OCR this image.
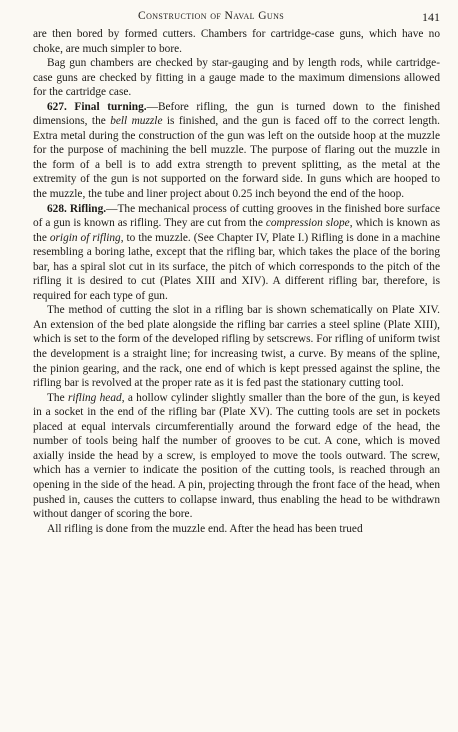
Construction of Naval Guns	141

are then bored by formed cutters. Chambers for cartridge-case guns, which have no choke, are much simpler to bore.

Bag gun chambers are checked by star-gauging and by length rods, while cartridge-case guns are checked by fitting in a gauge made to the maximum dimensions allowed for the cartridge case.

627. Final turning.—Before rifling, the gun is turned down to the finished dimensions, the bell muzzle is finished, and the gun is faced off to the correct length. Extra metal during the construction of the gun was left on the outside hoop at the muzzle for the purpose of machining the bell muzzle. The purpose of flaring out the muzzle in the form of a bell is to add extra strength to prevent splitting, as the metal at the extremity of the gun is not supported on the forward side. In guns which are hooped to the muzzle, the tube and liner project about 0.25 inch beyond the end of the hoop.

628. Rifling.—The mechanical process of cutting grooves in the finished bore surface of a gun is known as rifling. They are cut from the compression slope, which is known as the origin of rifling, to the muzzle. (See Chapter IV, Plate I.) Rifling is done in a machine resembling a boring lathe, except that the rifling bar, which takes the place of the boring bar, has a spiral slot cut in its surface, the pitch of which corresponds to the pitch of the rifling it is desired to cut (Plates XIII and XIV). A different rifling bar, therefore, is required for each type of gun.

The method of cutting the slot in a rifling bar is shown schematically on Plate XIV. An extension of the bed plate alongside the rifling bar carries a steel spline (Plate XIII), which is set to the form of the developed rifling by setscrews. For rifling of uniform twist the development is a straight line; for increasing twist, a curve. By means of the spline, the pinion gearing, and the rack, one end of which is kept pressed against the spline, the rifling bar is revolved at the proper rate as it is fed past the stationary cutting tool.

The rifling head, a hollow cylinder slightly smaller than the bore of the gun, is keyed in a socket in the end of the rifling bar (Plate XV). The cutting tools are set in pockets placed at equal intervals circumferentially around the forward edge of the head, the number of tools being half the number of grooves to be cut. A cone, which is moved axially inside the head by a screw, is employed to move the tools outward. The screw, which has a vernier to indicate the position of the cutting tools, is reached through an opening in the side of the head. A pin, projecting through the front face of the head, when pushed in, causes the cutters to collapse inward, thus enabling the head to be withdrawn without danger of scoring the bore.

All rifling is done from the muzzle end. After the head has been trued
